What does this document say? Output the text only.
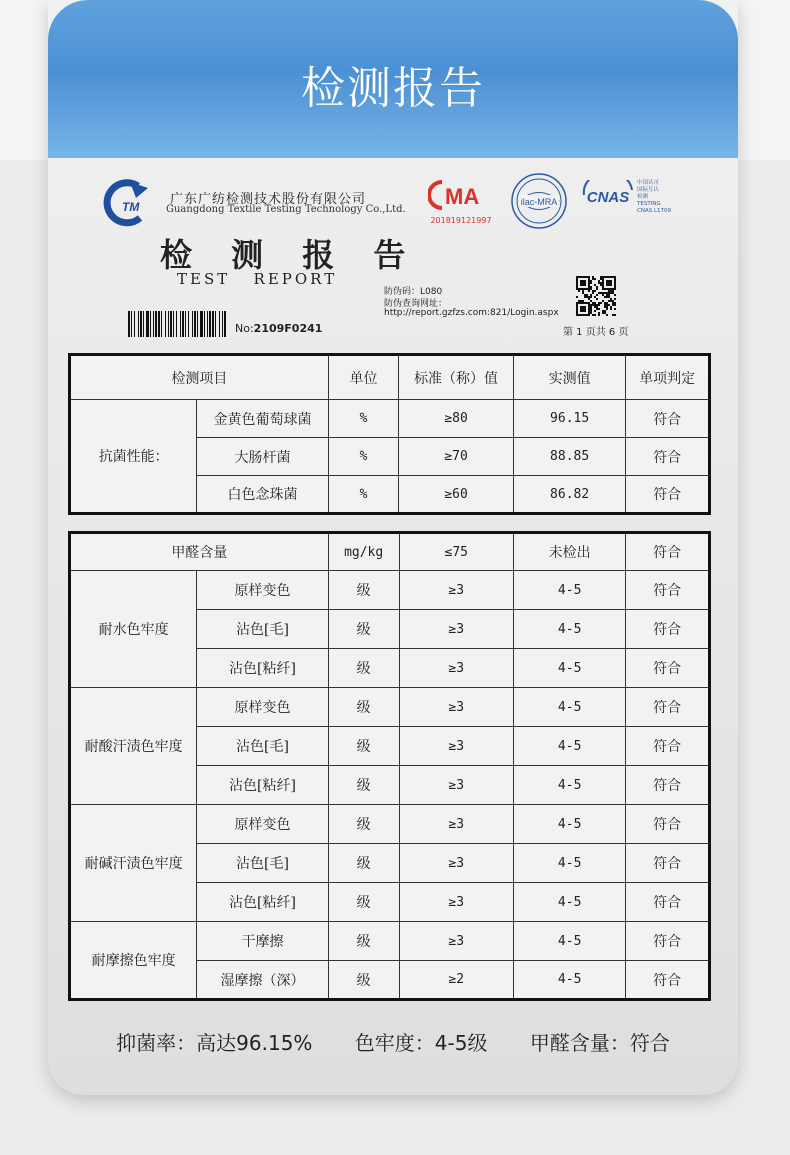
检测报告
TM 广东广纺检测技术股份有限公司
Guangdong Textile Testing Technology Co.,Ltd.
MA
201819121997
ilac-MRA CNAS
中国认可
国际互认
检测
TESTING
CNAS L1709
检 测 报 告
TEST   REPORT
No:2109F0241
防伪码：L080
防伪查询网址：
http://report.gzfzs.com:821/Login.aspx
第 1 页共 6 页
检测项目		单位	标准（称）值	实测值	单项判定
抗菌性能：	金黄色葡萄球菌	%	≥80	96.15	符合
	大肠杆菌	%	≥70	88.85	符合
	白色念珠菌	%	≥60	86.82	符合
甲醛含量		mg/kg	≤75	未检出	符合
耐水色牢度	原样变色	级	≥3	4-5	符合
	沾色[毛]	级	≥3	4-5	符合
	沾色[粘纤]	级	≥3	4-5	符合
耐酸汗渍色牢度	原样变色	级	≥3	4-5	符合
	沾色[毛]	级	≥3	4-5	符合
	沾色[粘纤]	级	≥3	4-5	符合
耐碱汗渍色牢度	原样变色	级	≥3	4-5	符合
	沾色[毛]	级	≥3	4-5	符合
	沾色[粘纤]	级	≥3	4-5	符合
耐摩擦色牢度	干摩擦	级	≥3	4-5	符合
	湿摩擦（深）	级	≥2	4-5	符合
抑菌率：高达96.15% 色牢度：4-5级 甲醛含量：符合
